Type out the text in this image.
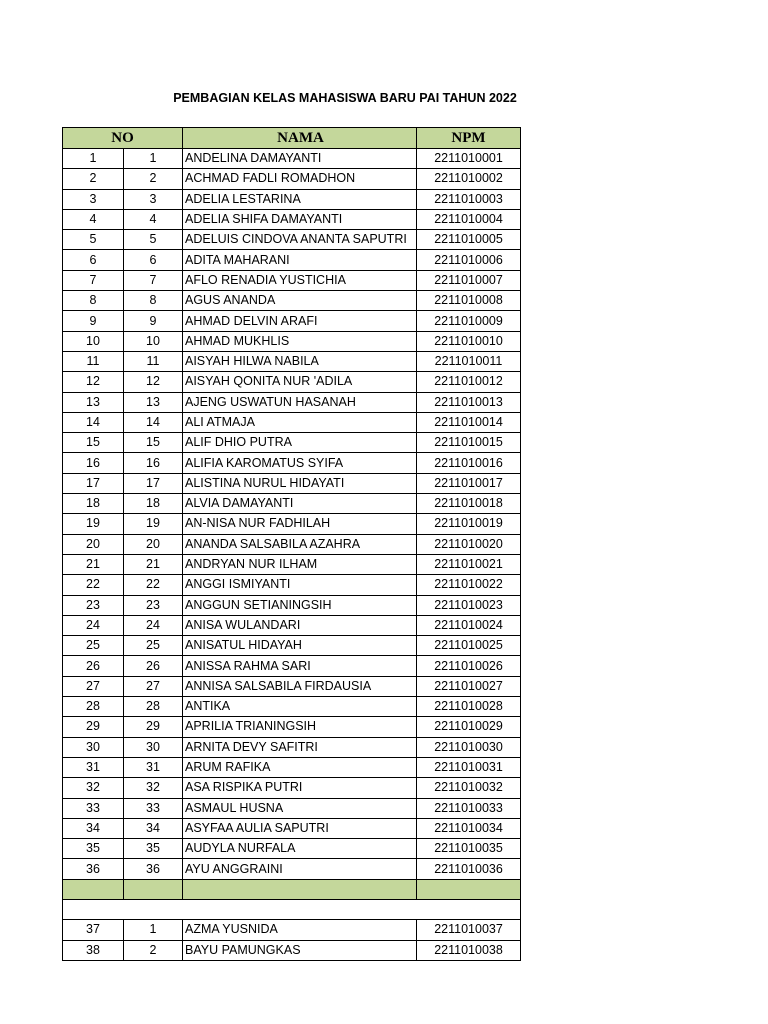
PEMBAGIAN KELAS MAHASISWA BARU PAI TAHUN 2022
NO		NAMA	NPM
1	1	ANDELINA DAMAYANTI	2211010001
2	2	ACHMAD FADLI ROMADHON	2211010002
3	3	ADELIA LESTARINA	2211010003
4	4	ADELIA SHIFA DAMAYANTI	2211010004
5	5	ADELUIS CINDOVA ANANTA SAPUTRI	2211010005
6	6	ADITA MAHARANI	2211010006
7	7	AFLO RENADIA YUSTICHIA	2211010007
8	8	AGUS ANANDA	2211010008
9	9	AHMAD DELVIN ARAFI	2211010009
10	10	AHMAD MUKHLIS	2211010010
11	11	AISYAH HILWA NABILA	2211010011
12	12	AISYAH QONITA NUR 'ADILA	2211010012
13	13	AJENG USWATUN HASANAH	2211010013
14	14	ALI ATMAJA	2211010014
15	15	ALIF DHIO PUTRA	2211010015
16	16	ALIFIA KAROMATUS SYIFA	2211010016
17	17	ALISTINA NURUL HIDAYATI	2211010017
18	18	ALVIA DAMAYANTI	2211010018
19	19	AN-NISA NUR FADHILAH	2211010019
20	20	ANANDA SALSABILA AZAHRA	2211010020
21	21	ANDRYAN NUR ILHAM	2211010021
22	22	ANGGI ISMIYANTI	2211010022
23	23	ANGGUN SETIANINGSIH	2211010023
24	24	ANISA WULANDARI	2211010024
25	25	ANISATUL HIDAYAH	2211010025
26	26	ANISSA RAHMA SARI	2211010026
27	27	ANNISA SALSABILA FIRDAUSIA	2211010027
28	28	ANTIKA	2211010028
29	29	APRILIA TRIANINGSIH	2211010029
30	30	ARNITA DEVY SAFITRI	2211010030
31	31	ARUM RAFIKA	2211010031
32	32	ASA RISPIKA PUTRI	2211010032
33	33	ASMAUL HUSNA	2211010033
34	34	ASYFAA AULIA SAPUTRI	2211010034
35	35	AUDYLA NURFALA	2211010035
36	36	AYU ANGGRAINI	2211010036

37	1	AZMA YUSNIDA	2211010037
38	2	BAYU PAMUNGKAS	2211010038
